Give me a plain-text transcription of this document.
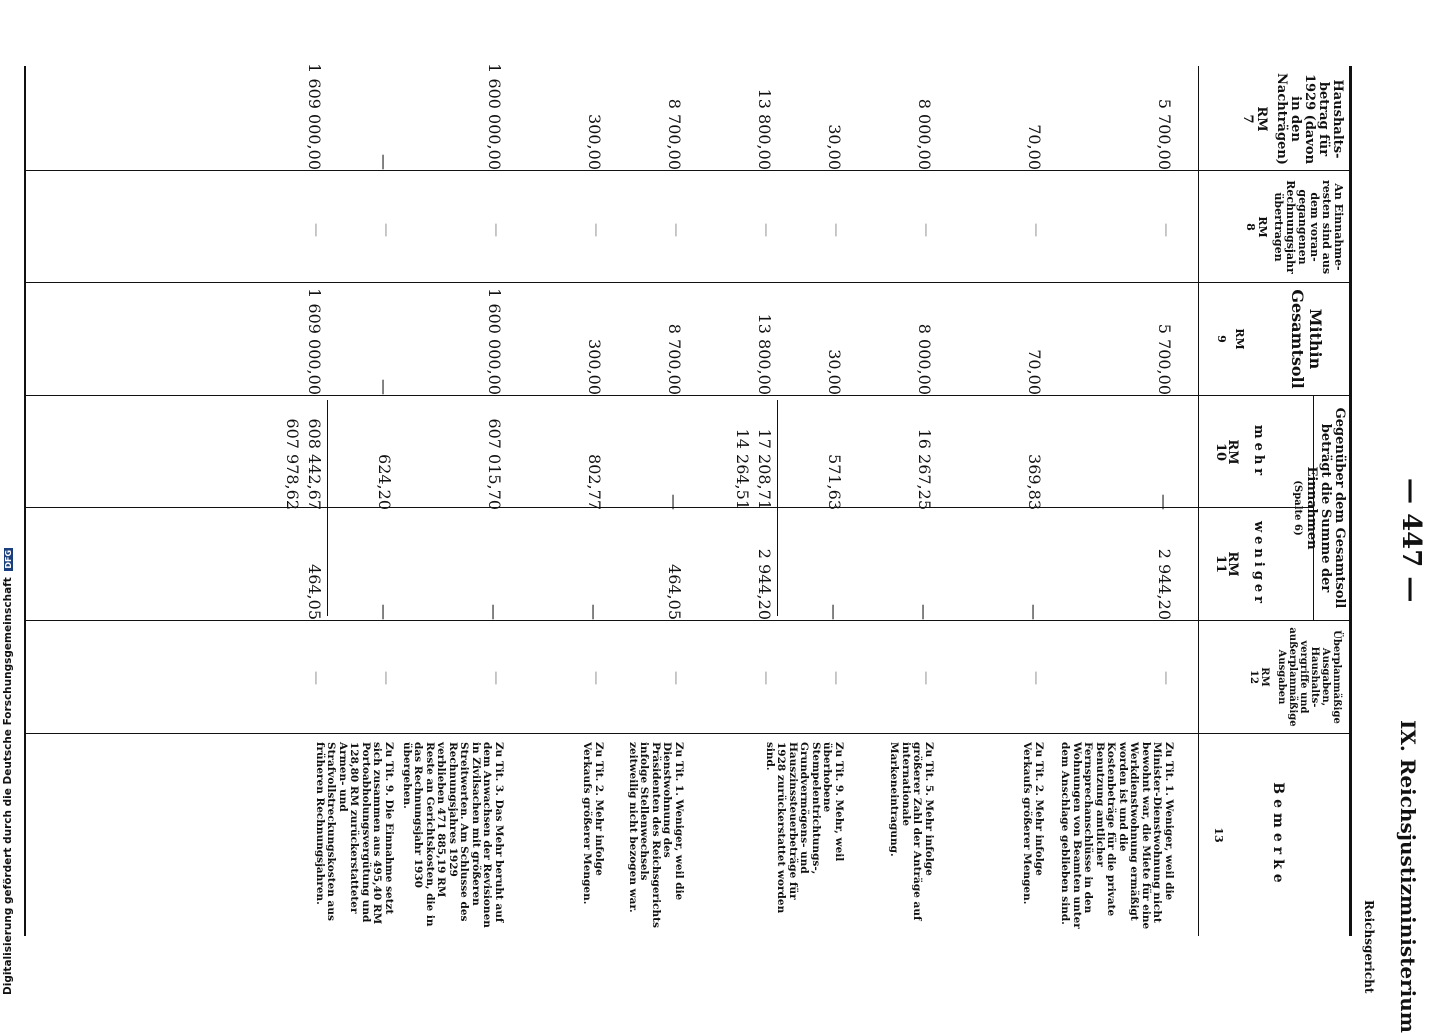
Digitalisierung gefördert durch die Deutsche Forschungsgemeinschaft DFG
— 447 —
IX. Reichsjustizministerium
Reichsgericht
Haushalts-betrag für 1929 (davon in den Nachträgen)
RM
7
An Einnahme-resten sind aus dem voran-gegangenen Rechnungsjahr übertragen
RM
8
Mithin Gesamtsoll
RM
9
Gegenüber dem Gesamtsoll beträgt die Summe der Einnahmen
(Spalte 6)
mehr
RM
10
weniger
RM
11
Überplanmäßige Ausgaben, Haushalts-vergriffe und außerplanmäßige Ausgaben
RM
12
Bemerke
13
5 700,00
—
5 700,00
—
2 944,20
—
Zu Tit. 1. Weniger, weil die Minister-Dienstwohnung nicht bewohnt war, die Miete für eine Werkdienstwohnung ermäßigt worden ist und die Kostenbeträge für die private Benutzung amtlicher Fernsprechanschlüsse in den Wohnungen von Beamten unter dem Anschlage geblieben sind.
70,00
—
70,00
369,83
—
—
Zu Tit. 2. Mehr infolge Verkaufs größerer Mengen.
8 000,00
—
8 000,00
16 267,25
—
—
Zu Tit. 5. Mehr infolge größerer Zahl der Anträge auf internationale Markeneintragung.
30,00
—
30,00
571,63
—
—
Zu Tit. 9. Mehr, weil überhobene Stempelentrichtungs-, Grundvermögens- und Hauszinssteuerbeträge für 1928 zurückerstattet worden sind.
13 800,00
—
13 800,00
17 208,71
14 264,51
2 944,20
—
8 700,00
—
8 700,00
—
464,05
—
Zu Tit. 1. Weniger, weil die Dienstwohnung des Präsidenten des Reichsgerichts infolge Stellenwechsels zeitweilig nicht bezogen war.
300,00
—
300,00
802,77
—
—
Zu Tit. 2. Mehr infolge Verkaufs größerer Mengen.
1 600 000,00
—
1 600 000,00
607 015,70
—
—
Zu Tit. 3. Das Mehr beruht auf dem Anwachsen der Revisionen in Zivilsachen mit größeren Streitwerten. Am Schlusse des Rechnungsjahres 1929 verblieben 471 885,19 RM Reste an Gerichtskosten, die in das Rechnungsjahr 1930 übergehen.
—
—
—
624,20
—
—
Zu Tit. 9. Die Einnahme setzt sich zusammen aus 495,40 RM Portoabholungsvergütung und 128,80 RM zurückerstatteter Armen- und Strafvollstreckungskosten aus früheren Rechnungsjahren.
1 609 000,00
—
1 609 000,00
608 442,67
607 978,62
464,05
—
